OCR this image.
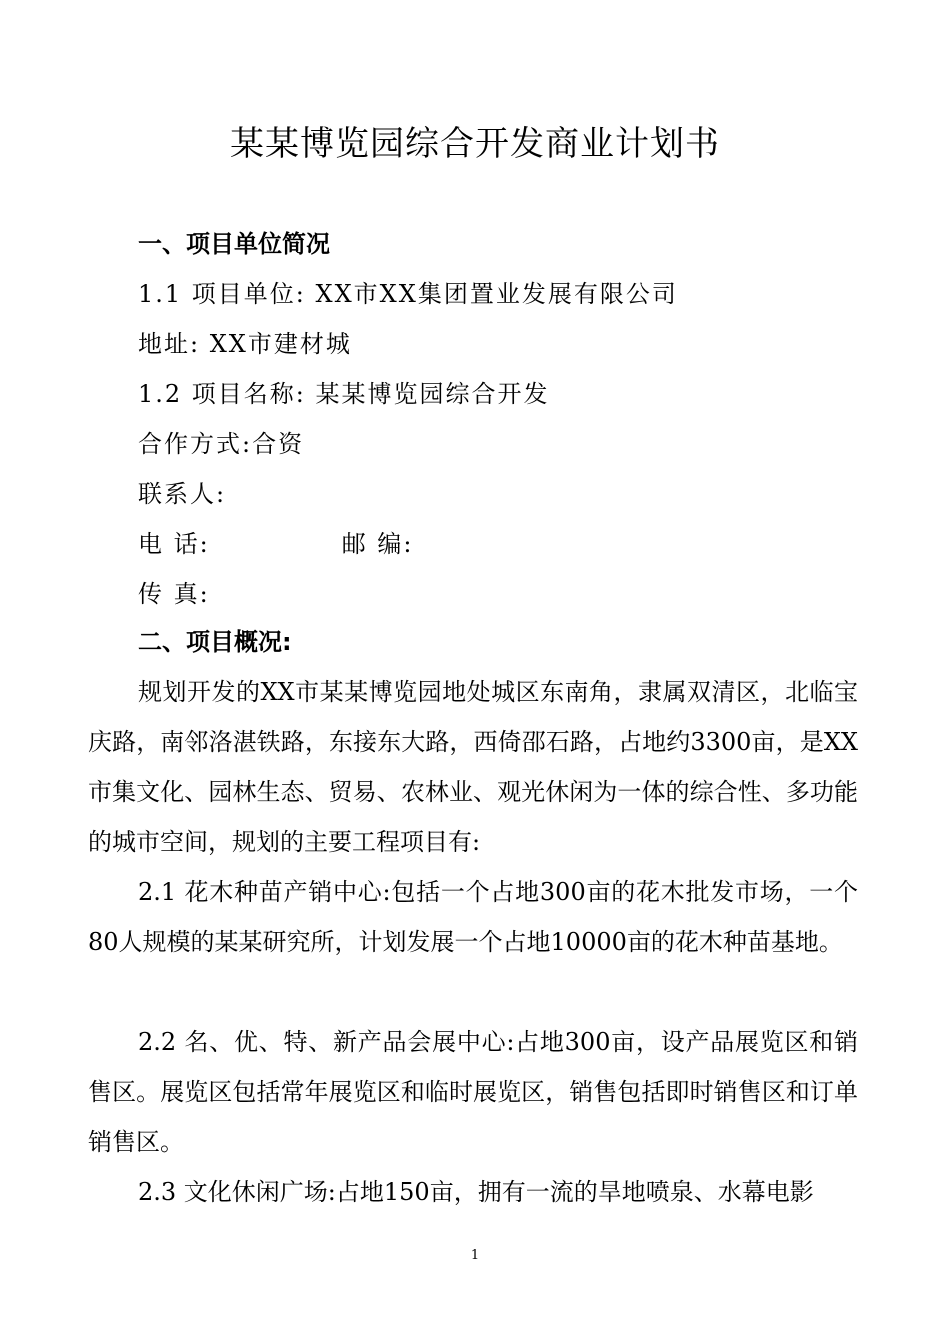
某某博览园综合开发商业计划书
一、项目单位简况
1.1 项目单位: XX市XX集团置业发展有限公司
地址: XX市建材城
1.2 项目名称: 某某博览园综合开发
合作方式:合资
联系人:
电 话:	邮 编:
传 真:
二、项目概况:
规划开发的XX市某某博览园地处城区东南角，隶属双清区，北临宝庆路，南邻洛湛铁路，东接东大路，西倚邵石路，占地约3300亩，是XX市集文化、园林生态、贸易、农林业、观光休闲为一体的综合性、多功能的城市空间，规划的主要工程项目有:
2.1 花木种苗产销中心:包括一个占地300亩的花木批发市场，一个80人规模的某某研究所，计划发展一个占地10000亩的花木种苗基地。
2.2 名、优、特、新产品会展中心:占地300亩，设产品展览区和销售区。展览区包括常年展览区和临时展览区，销售包括即时销售区和订单销售区。
2.3 文化休闲广场:占地150亩，拥有一流的旱地喷泉、水幕电影
1
